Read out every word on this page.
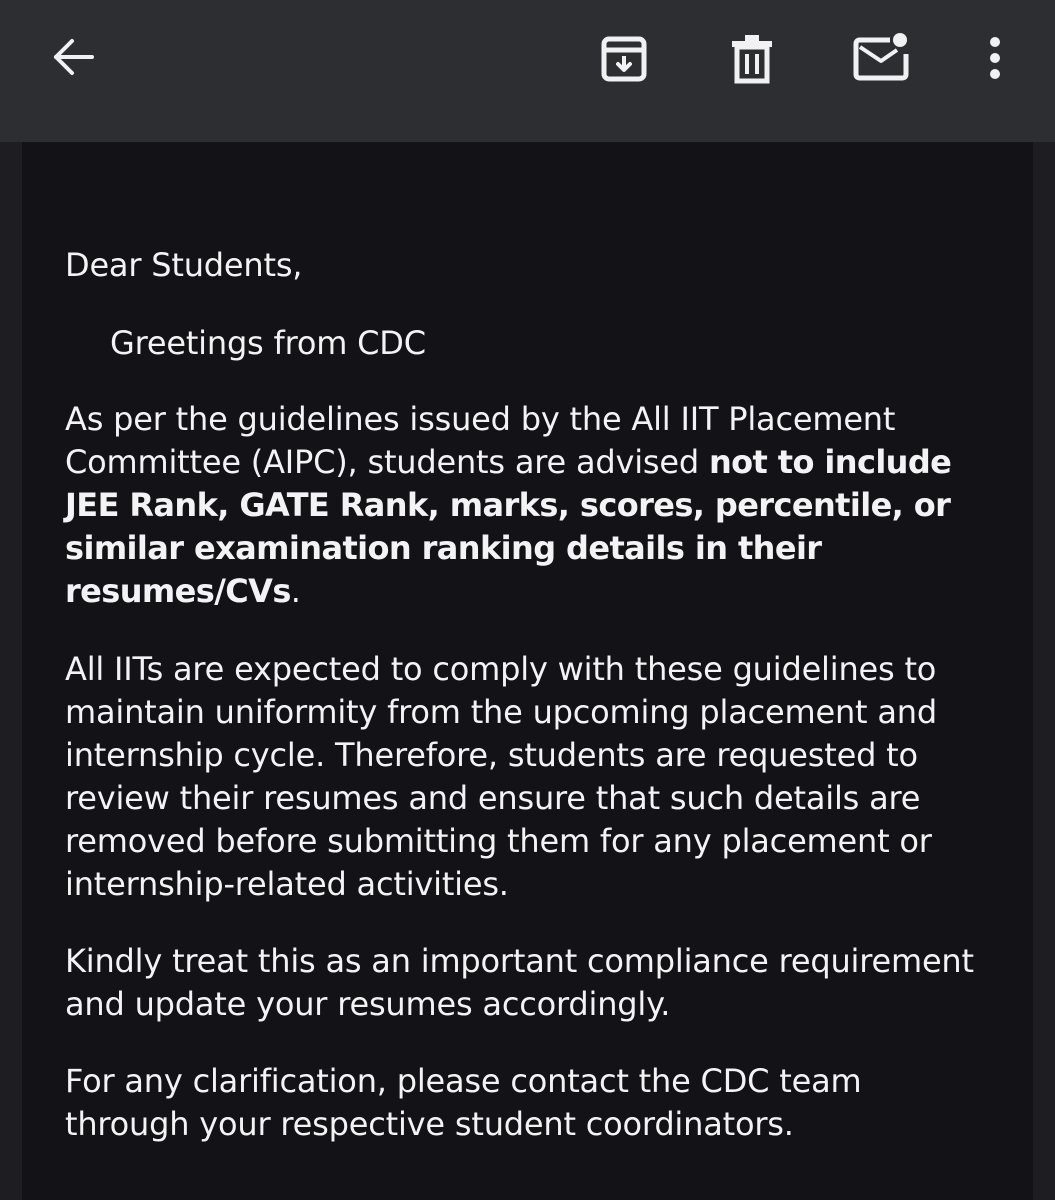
Dear Students,

Greetings from CDC

As per the guidelines issued by the All IIT Placement Committee (AIPC), students are advised not to include JEE Rank, GATE Rank, marks, scores, percentile, or similar examination ranking details in their resumes/CVs.

All IITs are expected to comply with these guidelines to maintain uniformity from the upcoming placement and internship cycle. Therefore, students are requested to review their resumes and ensure that such details are removed before submitting them for any placement or internship-related activities.

Kindly treat this as an important compliance requirement and update your resumes accordingly.

For any clarification, please contact the CDC team through your respective student coordinators.
